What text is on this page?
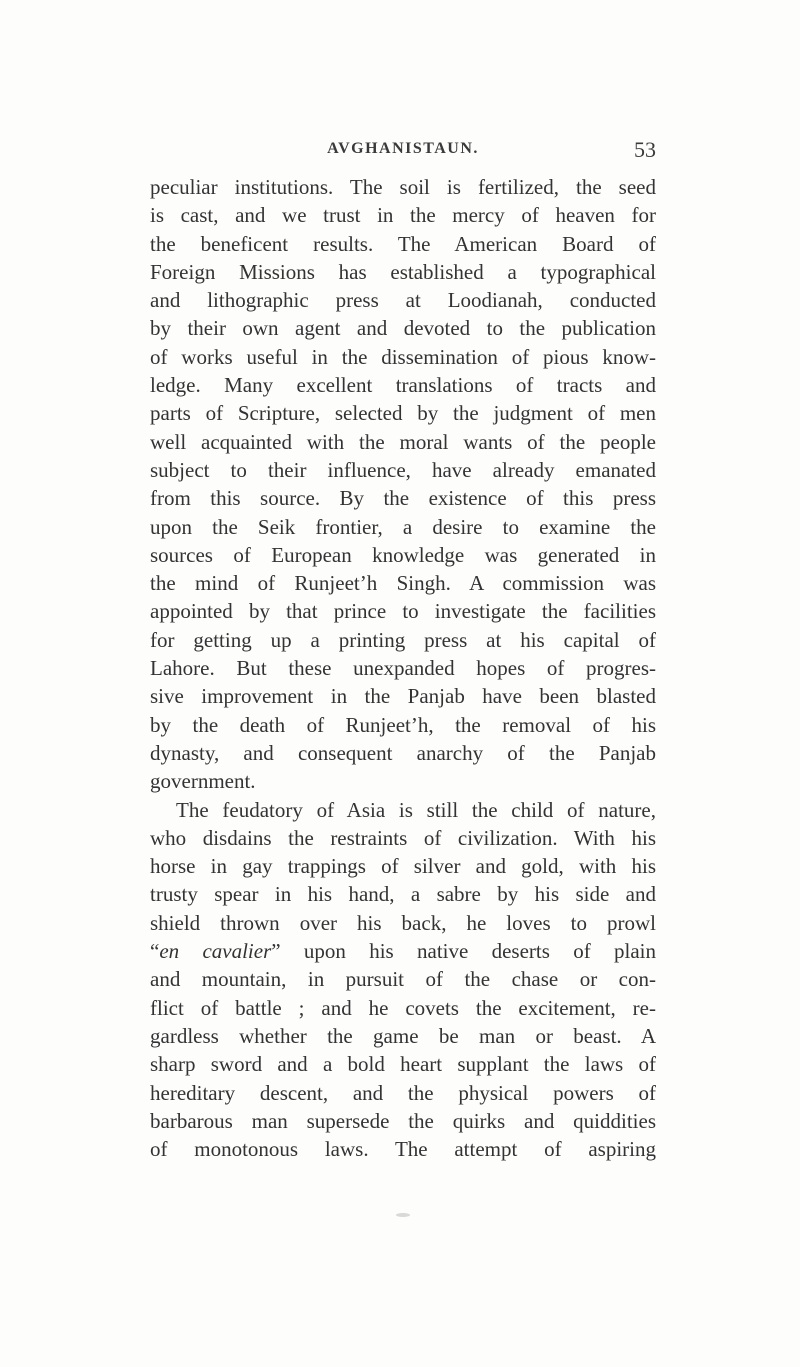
AVGHANISTAUN.	53
peculiar institutions. The soil is fertilized, the seed
is cast, and we trust in the mercy of heaven for
the beneficent results. The American Board of
Foreign Missions has established a typographical
and lithographic press at Loodianah, conducted
by their own agent and devoted to the publication
of works useful in the dissemination of pious know-
ledge. Many excellent translations of tracts and
parts of Scripture, selected by the judgment of men
well acquainted with the moral wants of the people
subject to their influence, have already emanated
from this source. By the existence of this press
upon the Seik frontier, a desire to examine the
sources of European knowledge was generated in
the mind of Runjeet’h Singh. A commission was
appointed by that prince to investigate the facilities
for getting up a printing press at his capital of
Lahore. But these unexpanded hopes of progres-
sive improvement in the Panjab have been blasted
by the death of Runjeet’h, the removal of his
dynasty, and consequent anarchy of the Panjab
government.
The feudatory of Asia is still the child of nature,
who disdains the restraints of civilization. With his
horse in gay trappings of silver and gold, with his
trusty spear in his hand, a sabre by his side and
shield thrown over his back, he loves to prowl
“en cavalier” upon his native deserts of plain
and mountain, in pursuit of the chase or con-
flict of battle ; and he covets the excitement, re-
gardless whether the game be man or beast. A
sharp sword and a bold heart supplant the laws of
hereditary descent, and the physical powers of
barbarous man supersede the quirks and quiddities
of monotonous laws. The attempt of aspiring
